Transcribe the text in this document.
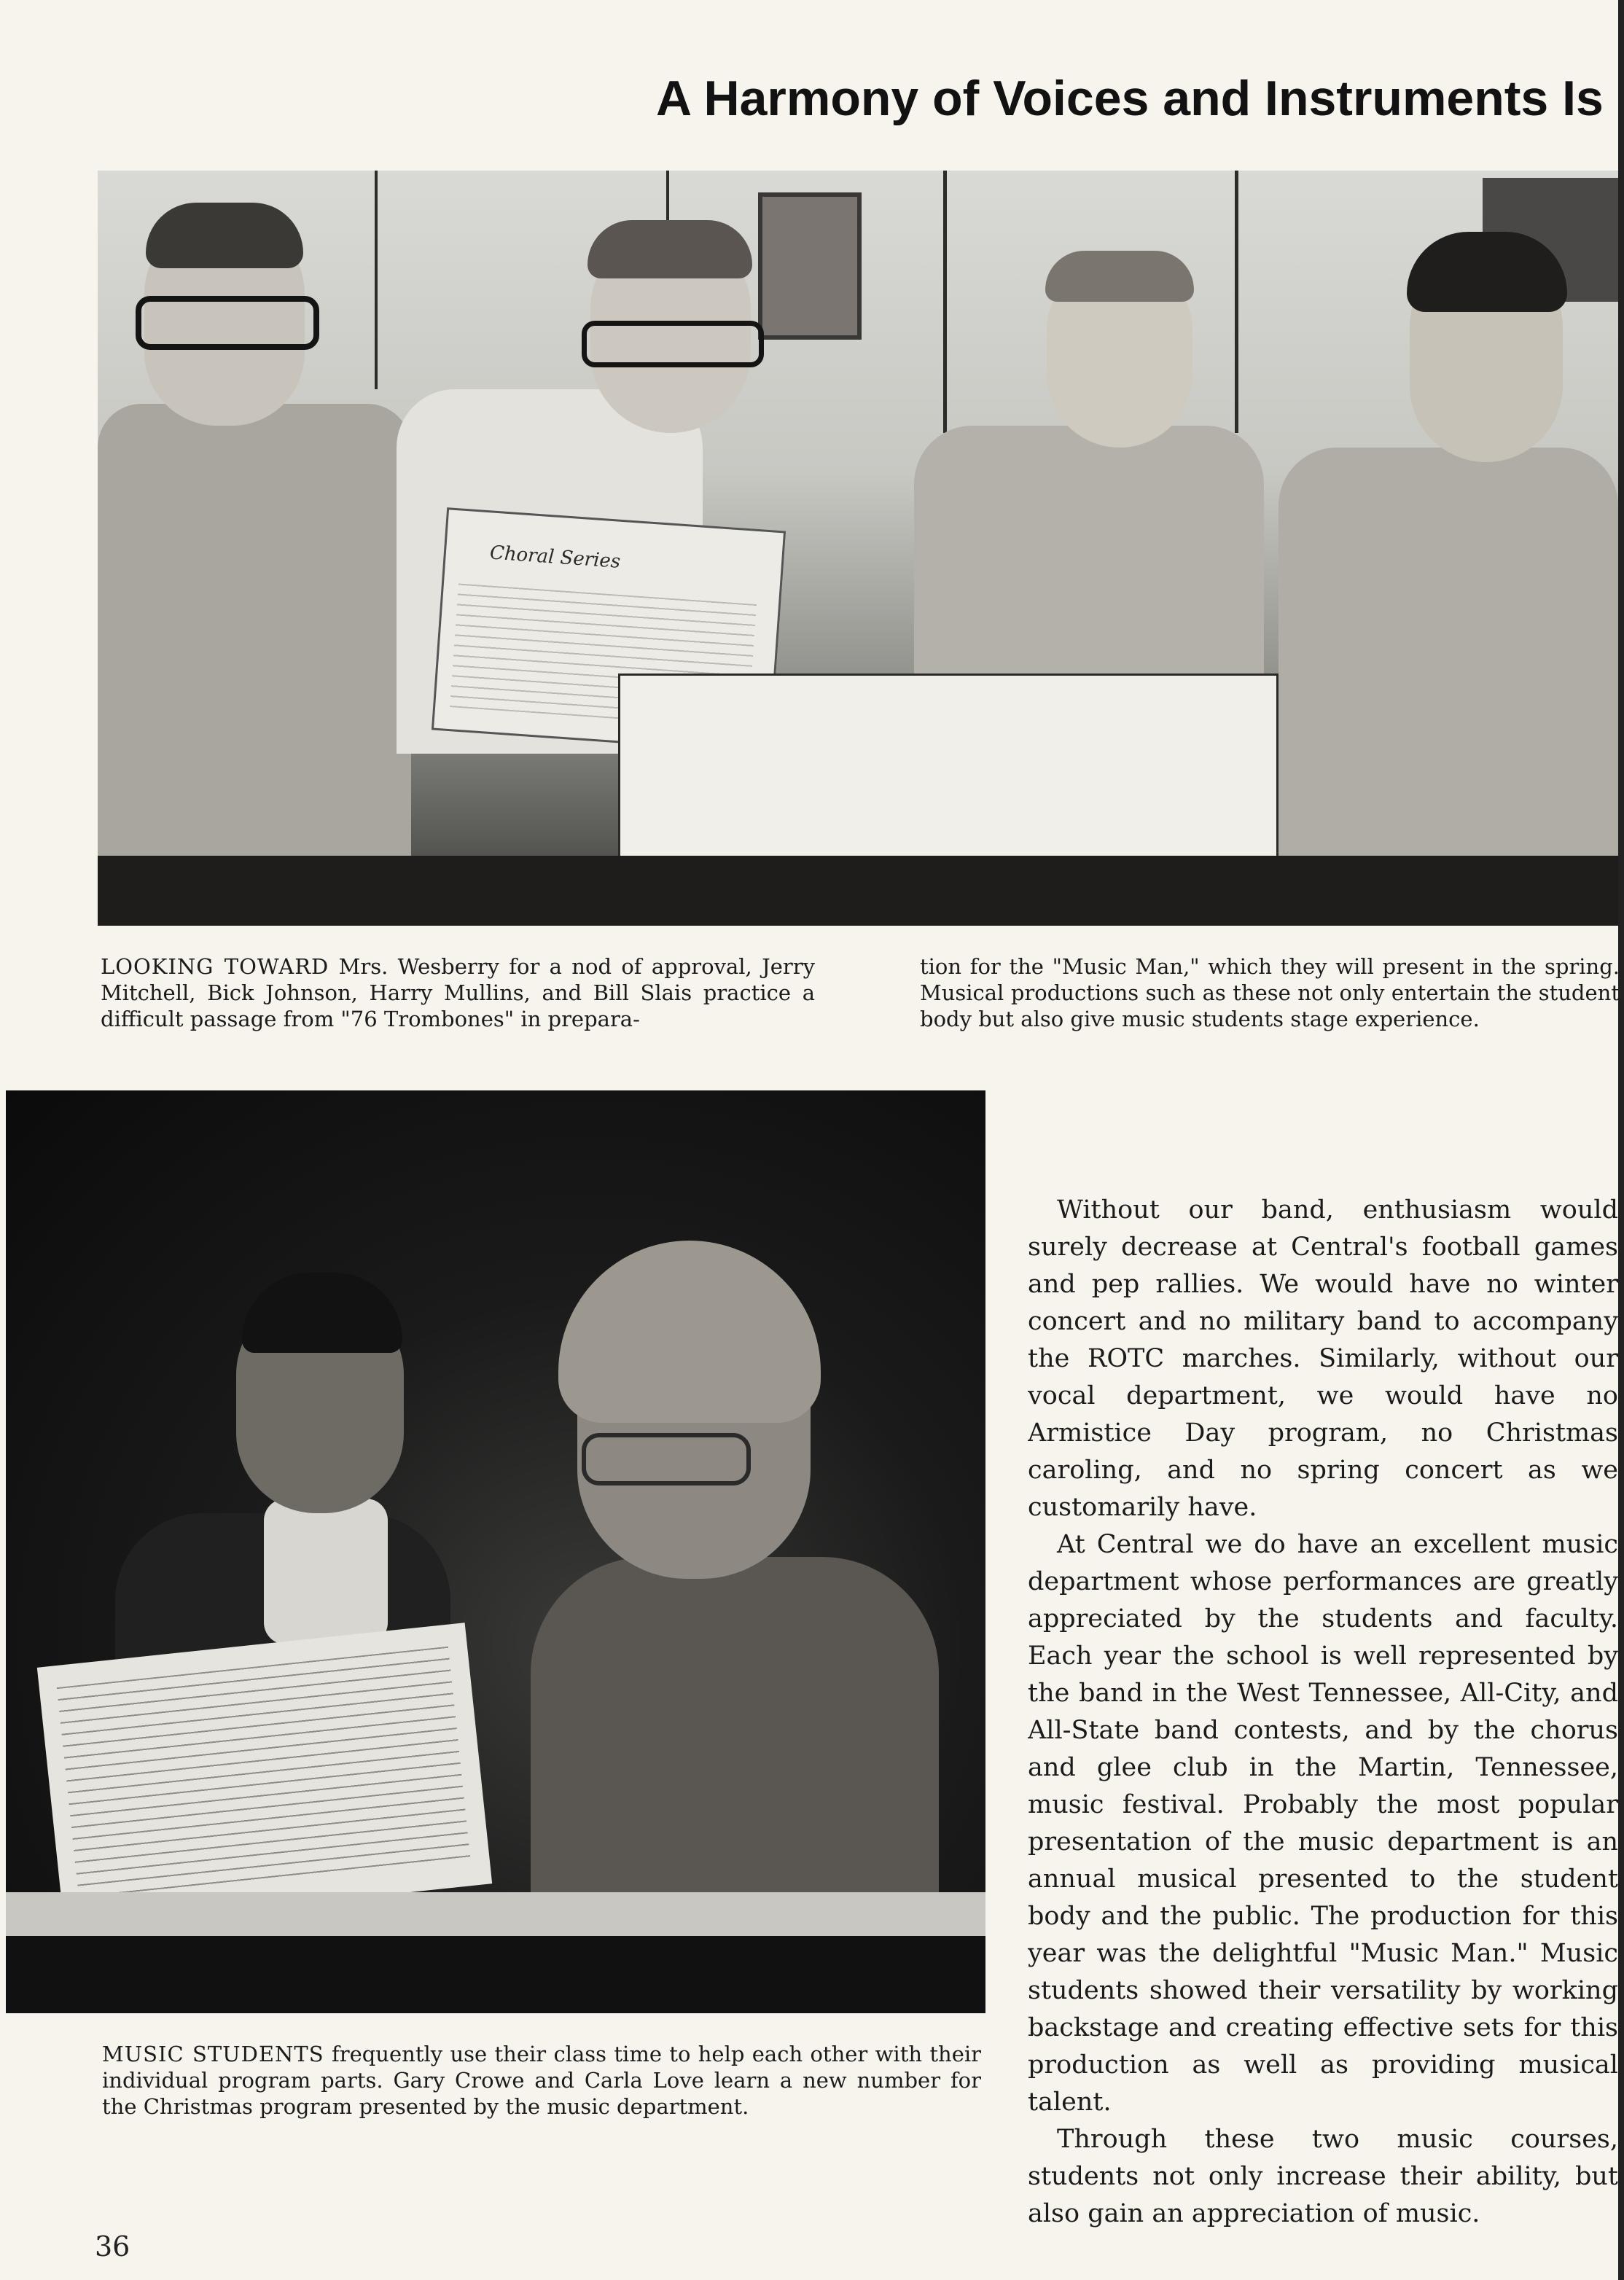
A Harmony of Voices and Instruments Is
Choral Series
LOOKING TOWARD Mrs. Wesberry for a nod of approval, Jerry Mitchell, Bick Johnson, Harry Mullins, and Bill Slais practice a difficult passage from "76 Trombones" in prepara-
tion for the "Music Man," which they will present in the spring. Musical productions such as these not only entertain the student body but also give music students stage experience.
MUSIC STUDENTS frequently use their class time to help each other with their individual program parts. Gary Crowe and Carla Love learn a new number for the Christmas program presented by the music department.

Without our band, enthusiasm would surely decrease at Central's football games and pep rallies. We would have no winter concert and no military band to accompany the ROTC marches. Similarly, without our vocal department, we would have no Armistice Day program, no Christmas caroling, and no spring concert as we customarily have.

At Central we do have an excellent music department whose performances are greatly appreciated by the students and faculty. Each year the school is well represented by the band in the West Tennessee, All-City, and All-State band contests, and by the chorus and glee club in the Martin, Tennessee, music festival. Probably the most popular presentation of the music department is an annual musical presented to the student body and the public. The production for this year was the delightful "Music Man." Music students showed their versatility by working backstage and creating effective sets for this production as well as providing musical talent.

Through these two music courses, students not only increase their ability, but also gain an appreciation of music.

36
